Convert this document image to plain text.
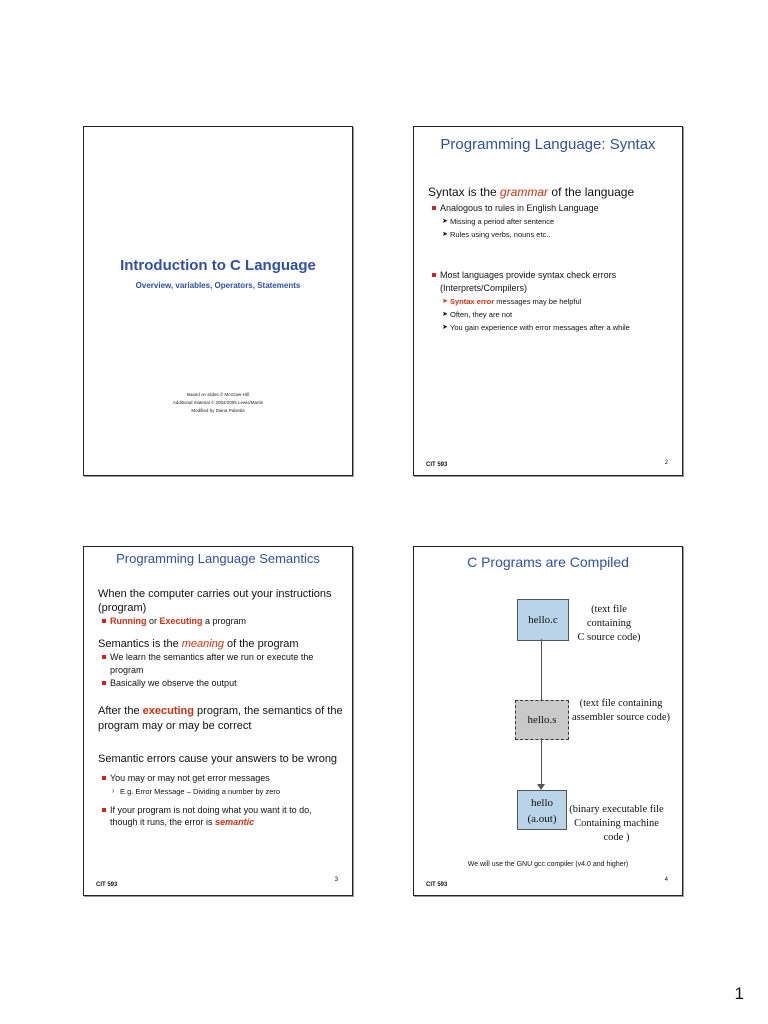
Introduction to C Language
Overview, variables, Operators, Statements
Based on slides © McGraw-Hill
Additional material © 2004/2005 Lewis/Martin
Modified by Diana Palsetia
Programming Language: Syntax
Syntax is the grammar of the language
Analogous to rules in English Language
➤ Missing a period after sentence
➤ Rules using verbs, nouns etc..
Most languages provide syntax check errors (Interprets/Compilers)
➤ Syntax error messages may be helpful
➤ Often, they are not
➤ You gain experience with error messages after a while
CIT 593	2
Programming Language Semantics
When the computer carries out your instructions (program)
Running or Executing a program
Semantics is the meaning of the program
We learn the semantics after we run or execute the program
Basically we observe the output
After the executing program, the semantics of the program may or may be correct
Semantic errors cause your answers to be wrong
You may or may not get error messages
› E.g. Error Message – Dividing a number by zero
If your program is not doing what you want it to do, though it runs, the error is semantic
CIT 593
3
C Programs are Compiled
hello.c
(text file containing
C source code)
hello.s
(text file containing
assembler source code)
hello
(a.out)
(binary executable file
Containing machine code )
We will use the GNU gcc compiler (v4.0 and higher)
CIT 593
4
1
